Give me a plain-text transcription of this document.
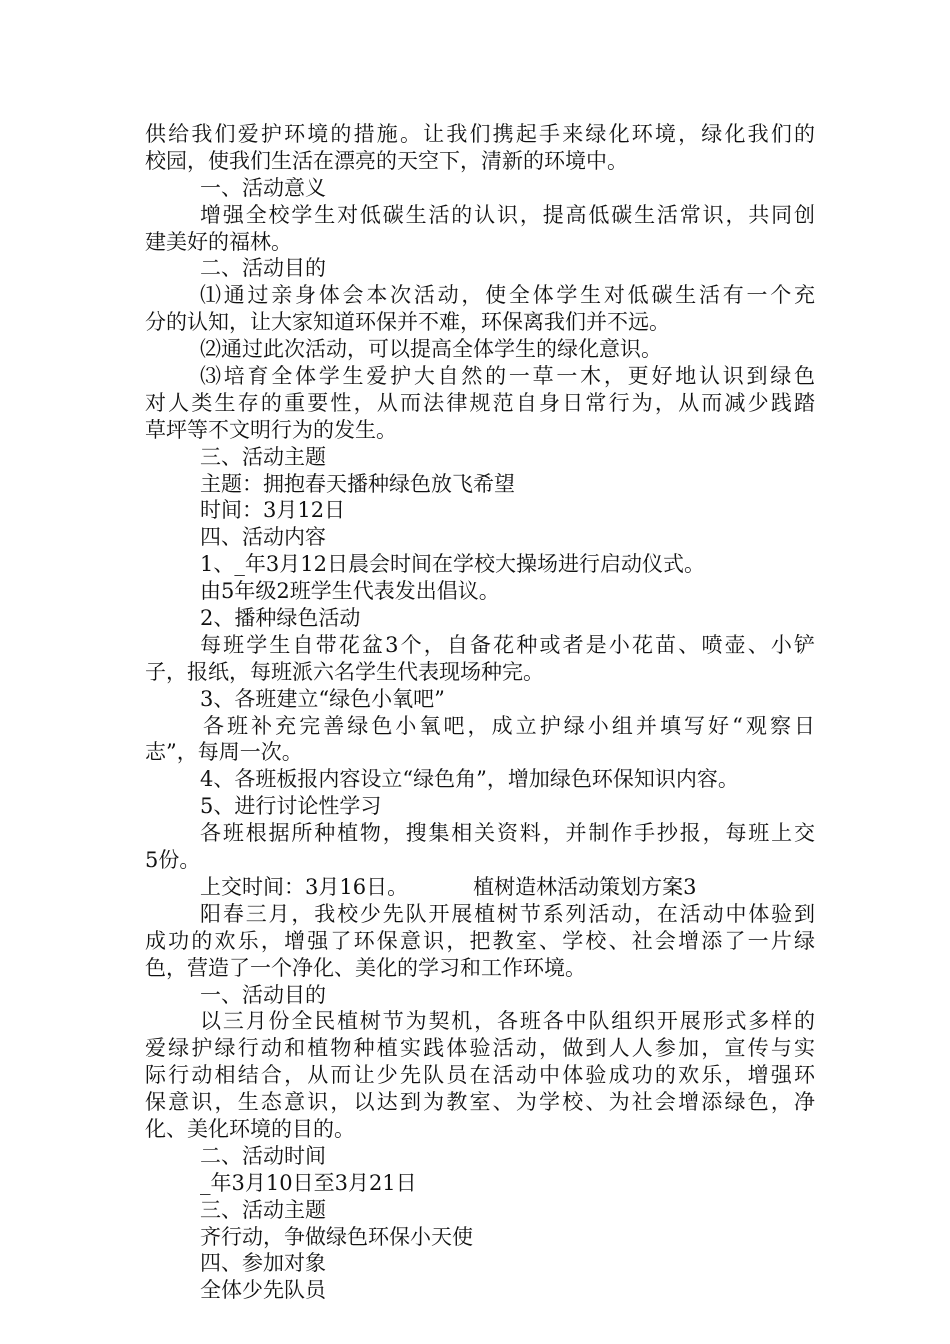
供给我们爱护环境的措施。让我们携起手来绿化环境，绿化我们的
校园，使我们生活在漂亮的天空下，清新的环境中。
一、活动意义
增强全校学生对低碳生活的认识，提高低碳生活常识，共同创
建美好的福林。
二、活动目的
⑴通过亲身体会本次活动，使全体学生对低碳生活有一个充
分的认知，让大家知道环保并不难，环保离我们并不远。
⑵通过此次活动，可以提高全体学生的绿化意识。
⑶培育全体学生爱护大自然的一草一木，更好地认识到绿色
对人类生存的重要性，从而法律规范自身日常行为，从而减少践踏
草坪等不文明行为的发生。
三、活动主题
主题：拥抱春天播种绿色放飞希望
时间：3月12日
四、活动内容
1、_年3月12日晨会时间在学校大操场进行启动仪式。
由5年级2班学生代表发出倡议。
2、播种绿色活动
每班学生自带花盆3个，自备花种或者是小花苗、喷壶、小铲
子，报纸，每班派六名学生代表现场种完。
3、各班建立“绿色小氧吧”
各班补充完善绿色小氧吧，成立护绿小组并填写好“观察日
志”，每周一次。
4、各班板报内容设立“绿色角”，增加绿色环保知识内容。
5、进行讨论性学习
各班根据所种植物，搜集相关资料，并制作手抄报，每班上交
5份。
上交时间：3月16日。	植树造林活动策划方案3
阳春三月，我校少先队开展植树节系列活动，在活动中体验到
成功的欢乐，增强了环保意识，把教室、学校、社会增添了一片绿
色，营造了一个净化、美化的学习和工作环境。
一、活动目的
以三月份全民植树节为契机，各班各中队组织开展形式多样的
爱绿护绿行动和植物种植实践体验活动，做到人人参加，宣传与实
际行动相结合，从而让少先队员在活动中体验成功的欢乐，增强环
保意识，生态意识，以达到为教室、为学校、为社会增添绿色，净
化、美化环境的目的。
二、活动时间
_年3月10日至3月21日
三、活动主题
齐行动，争做绿色环保小天使
四、参加对象
全体少先队员
